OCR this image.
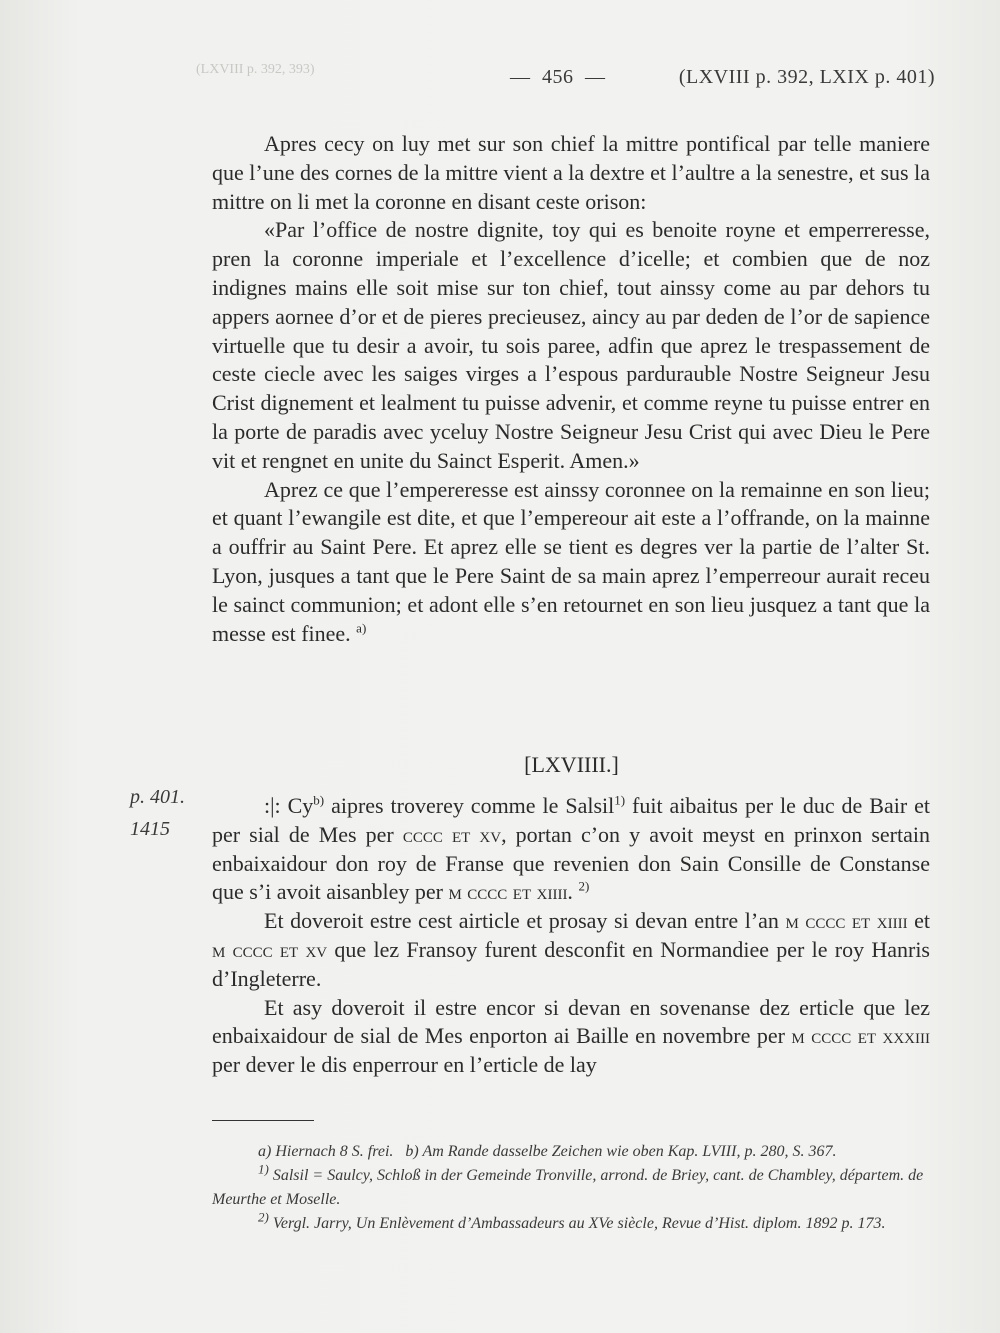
(LXVIII p. 392, 393)	— 456 —	(LXVIII p. 392, LXIX p. 401)

Apres cecy on luy met sur son chief la mittre pontifical par telle maniere que l’une des cornes de la mittre vient a la dextre et l’aultre a la senestre, et sus la mittre on li met la coronne en disant ceste orison:

«Par l’office de nostre dignite, toy qui es benoite royne et emperreresse, pren la coronne imperiale et l’excellence d’icelle; et combien que de noz indignes mains elle soit mise sur ton chief, tout ainssy come au par dehors tu appers aornee d’or et de pieres precieusez, aincy au par deden de l’or de sapience virtuelle que tu desir a avoir, tu sois paree, adfin que aprez le trespassement de ceste ciecle avec les saiges virges a l’espous parduraublе Nostre Seigneur Jesu Crist dignement et lealment tu puisse advenir, et comme reyne tu puisse entrer en la porte de paradis avec yceluy Nostre Seigneur Jesu Crist qui avec Dieu le Pere vit et rengnet en unite du Sainct Esperit. Amen.»

Aprez ce que l’empereresse est ainssy coronnee on la remainne en son lieu; et quant l’ewangile est dite, et que l’empereour ait este a l’offrande, on la mainne a ouffrir au Saint Pere. Et aprez elle se tient es degres ver la partie de l’alter St. Lyon, jusques a tant que le Pere Saint de sa main aprez l’emperreour aurait receu le sainct communion; et adont elle s’en retournet en son lieu jusquez a tant que la messe est finee. $^{a)}$

[LXVIIII.]
p. 401.
1415

:|: Cy$^{b)}$ aipres troverey comme le Salsil$^{1)}$ fuit aibaitus per le duc de Bair et per sial de Mes per cccc et xv, portan c’on y avoit meyst en prinxon sertain enbaixaidour don roy de Franse que revenien don Sain Consille de Constanse que s’i avoit aisanbley per m cccc et xiiii. $^{2)}$

Et doveroit estre cest airticle et prosay si devan entre l’an m cccc et xiiii et m cccc et xv que lez Fransoy furent desconfit en Normandiee per le roy Hanris d’Ingleterre.

Et asy doveroit il estre encor si devan en sovenanse dez erticle que lez enbaixaidour de sial de Mes enporton ai Baille en novembre per m cccc et xxxiii per dever le dis enperrour en l’erticle de lay

a) Hiernach 8 S. frei. b) Am Rande dasselbe Zeichen wie oben Kap. LVIII, p. 280, S. 367.

$^{1)}$ Salsil = Saulcy, Schloß in der Gemeinde Tronville, arrond. de Briey, cant. de Chambley, départem. de Meurthe et Moselle.

$^{2)}$ Vergl. Jarry, Un Enlèvement d’Ambassadeurs au XVe siècle, Revue d’Hist. diplom. 1892 p. 173.
